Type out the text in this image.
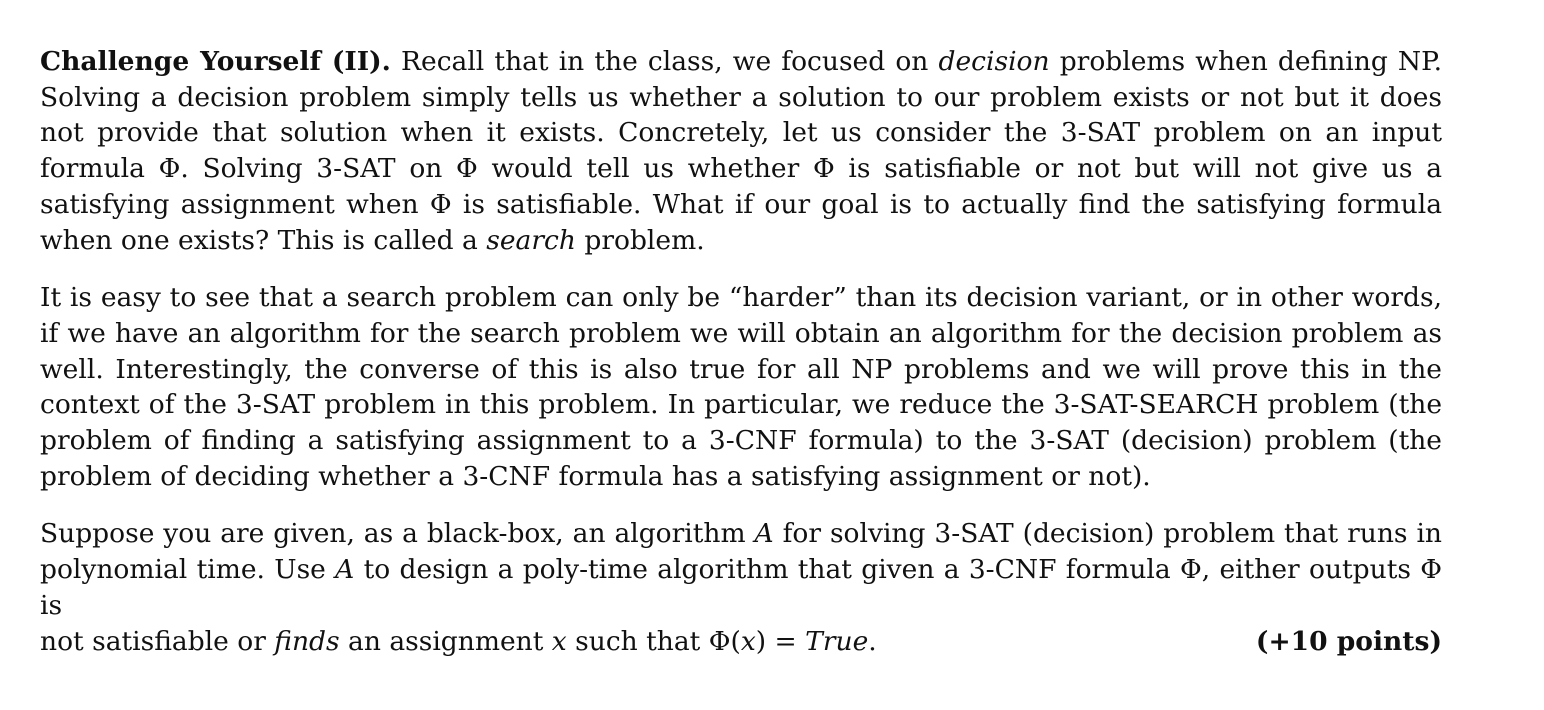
Challenge Yourself (II). Recall that in the class, we focused on decision problems when defining NP. Solving a decision problem simply tells us whether a solution to our problem exists or not but it does not provide that solution when it exists. Concretely, let us consider the 3-SAT problem on an input formula Φ. Solving 3-SAT on Φ would tell us whether Φ is satisfiable or not but will not give us a satisfying assignment when Φ is satisfiable. What if our goal is to actually find the satisfying formula when one exists? This is called a search problem.

It is easy to see that a search problem can only be “harder” than its decision variant, or in other words, if we have an algorithm for the search problem we will obtain an algorithm for the decision problem as well. Interestingly, the converse of this is also true for all NP problems and we will prove this in the context of the 3-SAT problem in this problem. In particular, we reduce the 3-SAT-SEARCH problem (the problem of finding a satisfying assignment to a 3-CNF formula) to the 3-SAT (decision) problem (the problem of deciding whether a 3-CNF formula has a satisfying assignment or not).

Suppose you are given, as a black-box, an algorithm A for solving 3-SAT (decision) problem that runs in polynomial time. Use A to design a poly-time algorithm that given a 3-CNF formula Φ, either outputs Φ is
not satisfiable or finds an assignment x such that Φ(x) = True.	(+10 points)
